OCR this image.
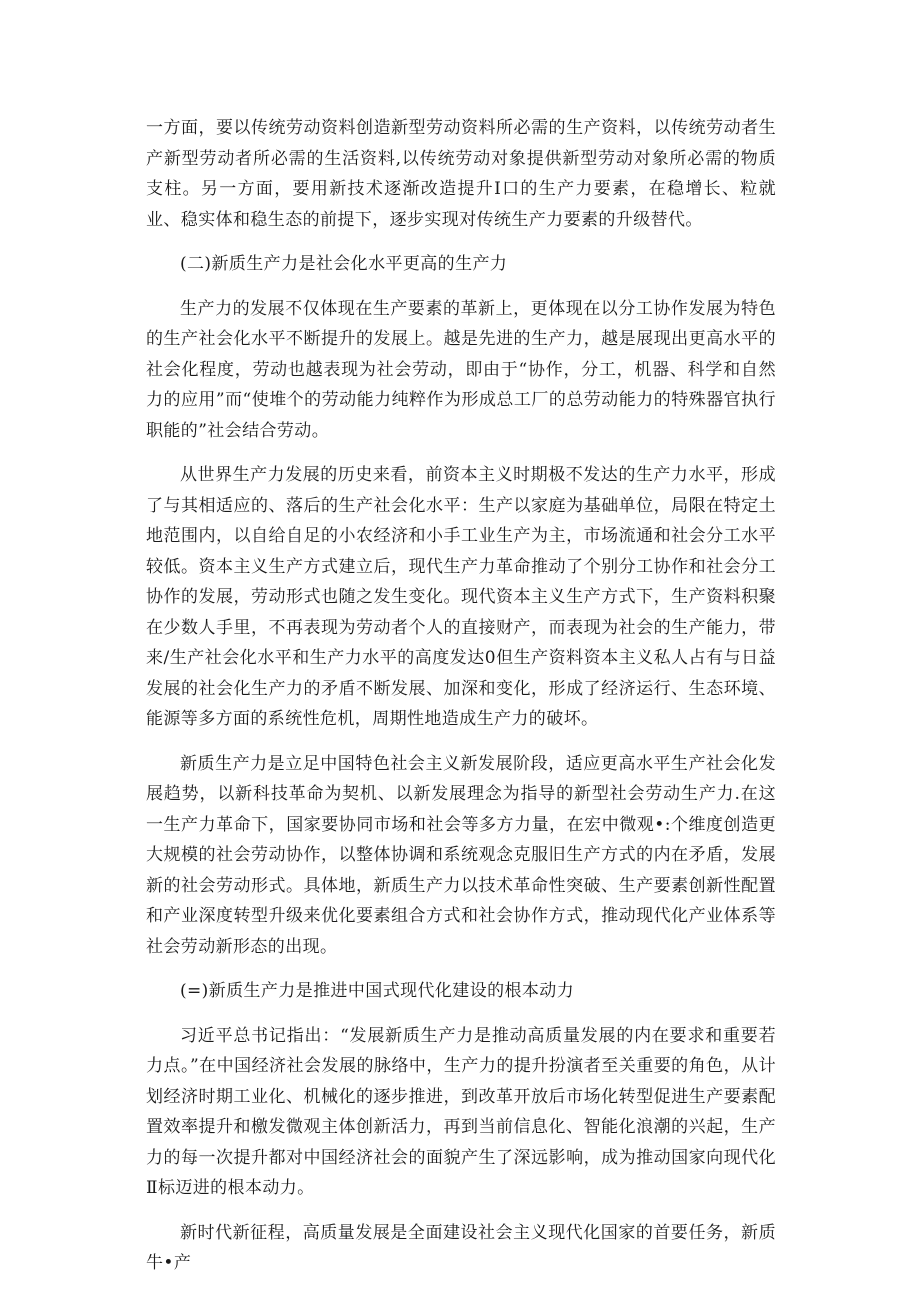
一方面，要以传统劳动资料创造新型劳动资料所必需的生产资料，以传统劳动者生产新型劳动者所必需的生活资料,以传统劳动对象提供新型劳动对象所必需的物质支柱。另一方面，要用新技术逐渐改造提升I口的生产力要素，在稳增长、粒就业、稳实体和稳生态的前提下，逐步实现对传统生产力要素的升级替代。

(二)新质生产力是社会化水平更高的生产力

生产力的发展不仅体现在生产要素的革新上，更体现在以分工协作发展为特色的生产社会化水平不断提升的发展上。越是先进的生产力，越是展现出更高水平的社会化程度，劳动也越表现为社会劳动，即由于“协作，分工，机器、科学和自然力的应用”而“使堆个的劳动能力纯粹作为形成总工厂的总劳动能力的特殊器官执行职能的”社会结合劳动。

从世界生产力发展的历史来看，前资本主义时期极不发达的生产力水平，形成了与其相适应的、落后的生产社会化水平：生产以家庭为基础单位，局限在特定土地范围内，以自给自足的小农经济和小手工业生产为主，市场流通和社会分工水平较低。资本主义生产方式建立后，现代生产力革命推动了个别分工协作和社会分工协作的发展，劳动形式也随之发生变化。现代资本主义生产方式下，生产资料积聚在少数人手里，不再表现为劳动者个人的直接财产，而表现为社会的生产能力，带来/生产社会化水平和生产力水平的高度发达0但生产资料资本主义私人占有与日益发展的社会化生产力的矛盾不断发展、加深和变化，形成了经济运行、生态环境、能源等多方面的系统性危机，周期性地造成生产力的破坏。

新质生产力是立足中国特色社会主义新发展阶段，适应更高水平生产社会化发展趋势，以新科技革命为契机、以新发展理念为指导的新型社会劳动生产力.在这一生产力革命下，国家要协同市场和社会等多方力量，在宏中微观•:个维度创造更大规模的社会劳动协作，以整体协调和系统观念克服旧生产方式的内在矛盾，发展新的社会劳动形式。具体地，新质生产力以技术革命性突破、生产要素创新性配置和产业深度转型升级来优化要素组合方式和社会协作方式，推动现代化产业体系等社会劳动新形态的出现。

(=)新质生产力是推进中国式现代化建设的根本动力

习近平总书记指出：“发展新质生产力是推动高质量发展的内在要求和重要若力点。”在中国经济社会发展的脉络中，生产力的提升扮演者至关重要的角色，从计划经济时期工业化、机械化的逐步推进，到改革开放后市场化转型促进生产要素配置效率提升和檄发微观主体创新活力，再到当前信息化、智能化浪潮的兴起，生产力的每一次提升都对中国经济社会的面貌产生了深远影响，成为推动国家向现代化Ⅱ标迈进的根本动力。

新时代新征程，高质量发展是全面建设社会主义现代化国家的首要任务，新质牛•产
